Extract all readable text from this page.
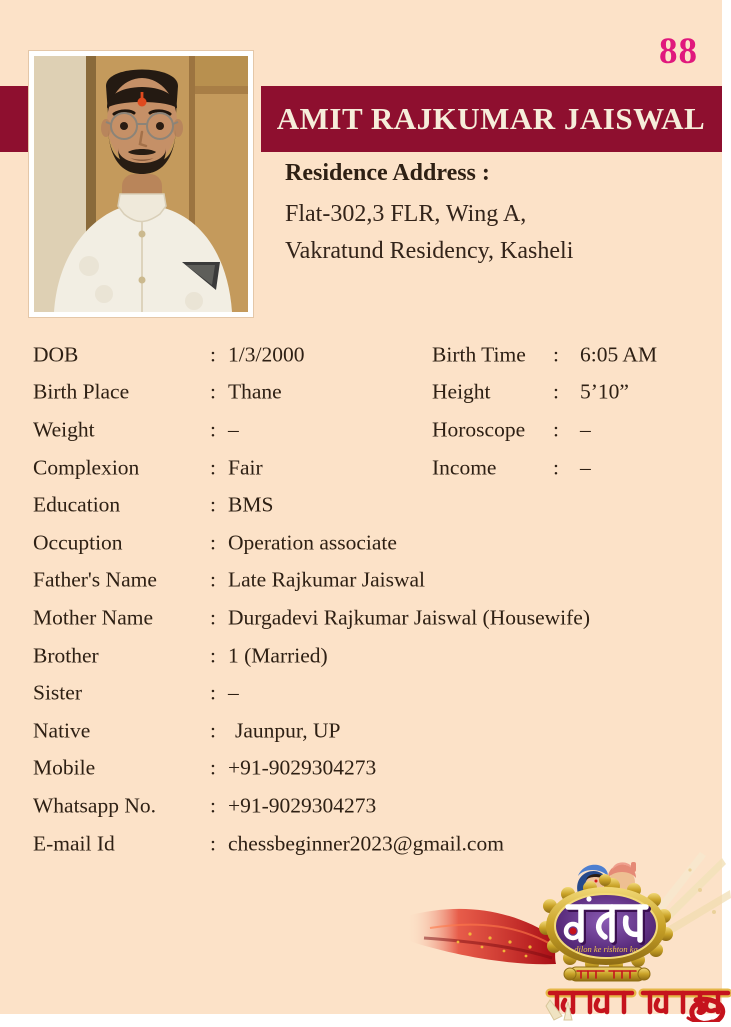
88
AMIT RAJKUMAR JAISWAL
Residence Address :
Flat-302,3 FLR, Wing A,
Vakratund Residency, Kasheli
DOB	: 1/3/2000	Birth Time : 6:05 AM
Birth Place	: Thane	Height	: 5’10”
Weight	: –	Horoscope : –
Complexion	: Fair	Income	: –
Education	: BMS
Occuption	: Operation associate
Father's Name : Late Rajkumar Jaiswal
Mother Name	: Durgadevi Rajkumar Jaiswal (Housewife)
Brother	: 1 (Married)
Sister	: –
Native	: Jaunpur, UP
Mobile	: +91-9029304273
Whatsapp No.	: +91-9029304273
E-mail Id	: chessbeginner2023@gmail.com
dilon ke rishton ka
